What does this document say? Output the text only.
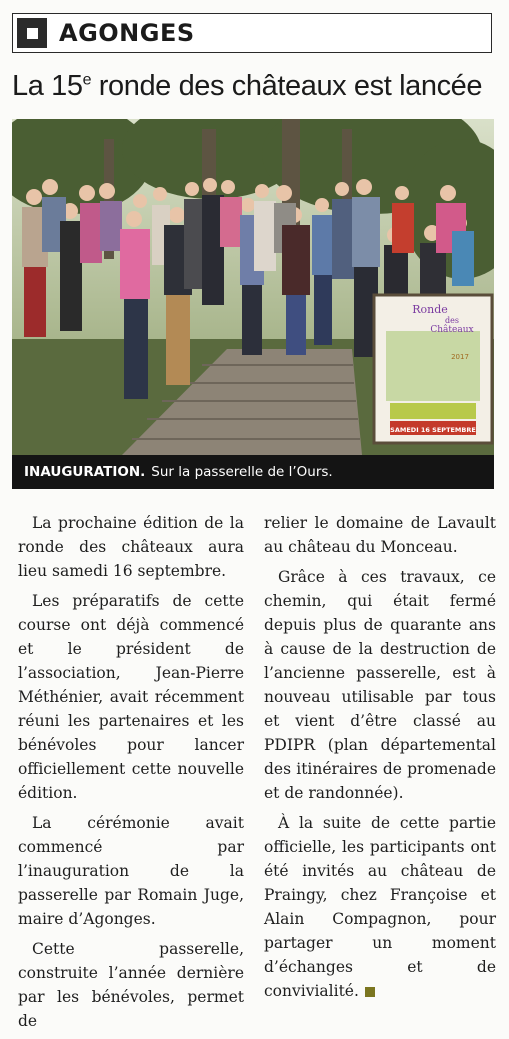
AGONGES
La 15e ronde des châteaux est lancée
Ronde
des
Châteaux
2017
SAMEDI 16 SEPTEMBRE
INAUGURATION. Sur la passerelle de l’Ours.

La prochaine édition de la ronde des châteaux aura lieu samedi 16 septembre.

Les préparatifs de cette course ont déjà commencé et le président de l’association, Jean-Pierre Méthénier, avait récemment réuni les partenaires et les bénévoles pour lancer officiellement cette nouvelle édition.

La cérémonie avait commencé par l’inauguration de la passerelle par Romain Juge, maire d’Agonges.

Cette passerelle, construite l’année dernière par les bénévoles, permet de

relier le domaine de Lavault au château du Monceau.

Grâce à ces travaux, ce chemin, qui était fermé depuis plus de quarante ans à cause de la destruction de l’ancienne passerelle, est à nouveau utilisable par tous et vient d’être classé au PDIPR (plan départemental des itinéraires de promenade et de randonnée).

À la suite de cette partie officielle, les participants ont été invités au château de Praingy, chez Françoise et Alain Compagnon, pour partager un moment d’échanges et de convivialité.
